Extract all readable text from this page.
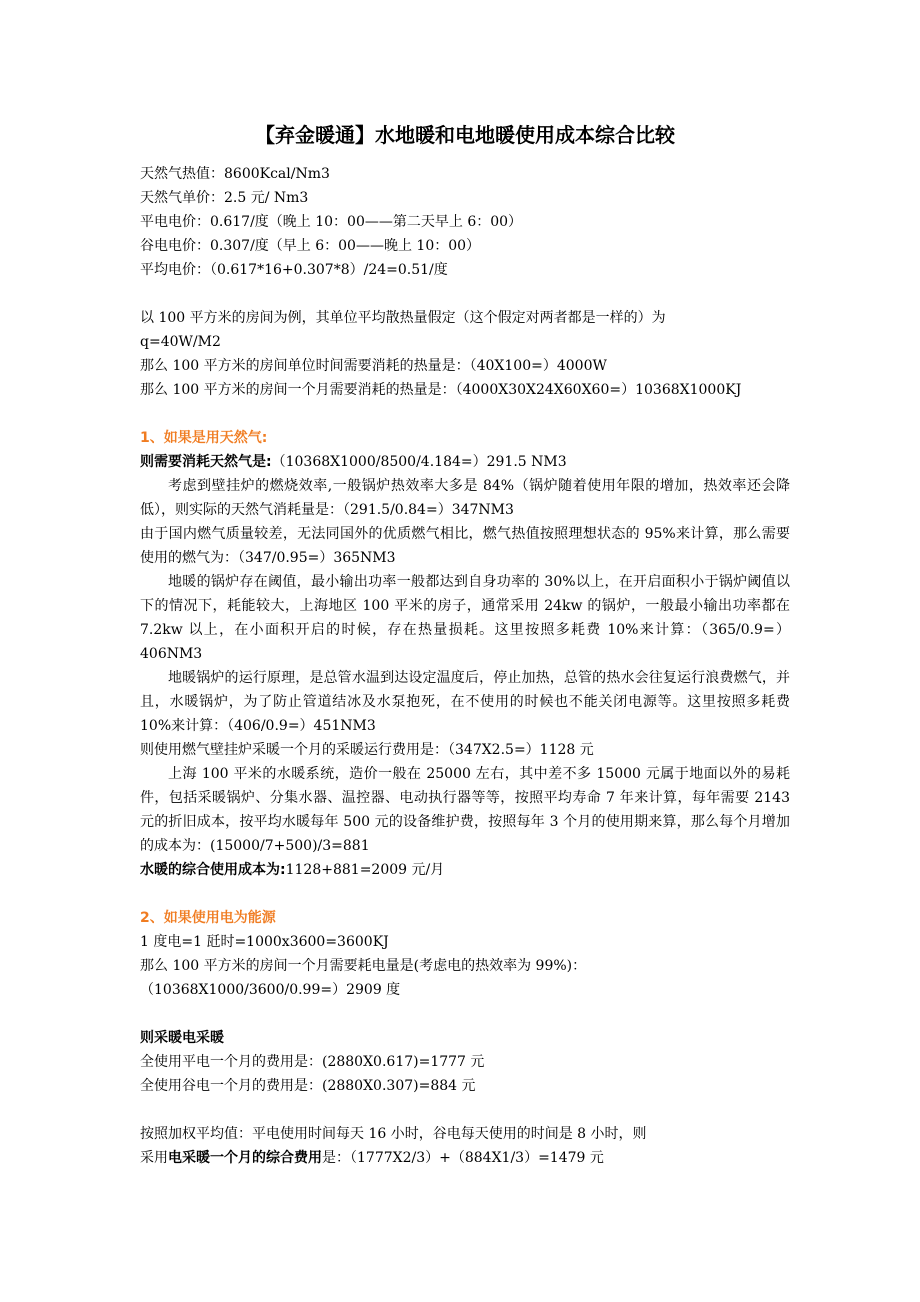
【弃金暖通】水地暖和电地暖使用成本综合比较

天然气热值：8600Kcal/Nm3

天然气单价：2.5 元/ Nm3

平电电价：0.617/度（晚上 10：00——第二天早上 6：00）

谷电电价：0.307/度（早上 6：00——晚上 10：00）

平均电价：（0.617*16+0.307*8）/24=0.51/度

以 100 平方米的房间为例，其单位平均散热量假定（这个假定对两者都是一样的）为

q=40W/M2

那么 100 平方米的房间单位时间需要消耗的热量是：（40X100=）4000W

那么 100 平方米的房间一个月需要消耗的热量是：（4000X30X24X60X60=）10368X1000KJ

1、如果是用天然气:

则需要消耗天然气是:（10368X1000/8500/4.184=）291.5 NM3

考虑到壁挂炉的燃烧效率,一般锅炉热效率大多是 84%（锅炉随着使用年限的增加，热效率还会降低），则实际的天然气消耗量是：（291.5/0.84=）347NM3

由于国内燃气质量较差，无法同国外的优质燃气相比，燃气热值按照理想状态的 95%来计算，那么需要使用的燃气为：（347/0.95=）365NM3

地暖的锅炉存在阈值，最小输出功率一般都达到自身功率的 30%以上，在开启面积小于锅炉阈值以下的情况下，耗能较大，上海地区 100 平米的房子，通常采用 24kw 的锅炉，一般最小输出功率都在 7.2kw 以上，在小面积开启的时候，存在热量损耗。这里按照多耗费 10%来计算：（365/0.9=）406NM3

地暖锅炉的运行原理，是总管水温到达设定温度后，停止加热，总管的热水会往复运行浪费燃气，并且，水暖锅炉，为了防止管道结冰及水泵抱死，在不使用的时候也不能关闭电源等。这里按照多耗费 10%来计算：（406/0.9=）451NM3

则使用燃气壁挂炉采暖一个月的采暖运行费用是：（347X2.5=）1128 元

上海 100 平米的水暖系统，造价一般在 25000 左右，其中差不多 15000 元属于地面以外的易耗件，包括采暖锅炉、分集水器、温控器、电动执行器等等，按照平均寿命 7 年来计算，每年需要 2143 元的折旧成本，按平均水暖每年 500 元的设备维护费，按照每年 3 个月的使用期来算，那么每个月增加的成本为：(15000/7+500)/3=881

水暖的综合使用成本为:1128+881=2009 元/月

2、如果使用电为能源

1 度电=1 瓩时=1000x3600=3600KJ

那么 100 平方米的房间一个月需要耗电量是(考虑电的热效率为 99%)：

（10368X1000/3600/0.99=）2909 度

则采暖电采暖

全使用平电一个月的费用是：(2880X0.617)=1777 元

全使用谷电一个月的费用是：(2880X0.307)=884 元

按照加权平均值：平电使用时间每天 16 小时，谷电每天使用的时间是 8 小时，则

采用电采暖一个月的综合费用是：（1777X2/3）+（884X1/3）=1479 元
